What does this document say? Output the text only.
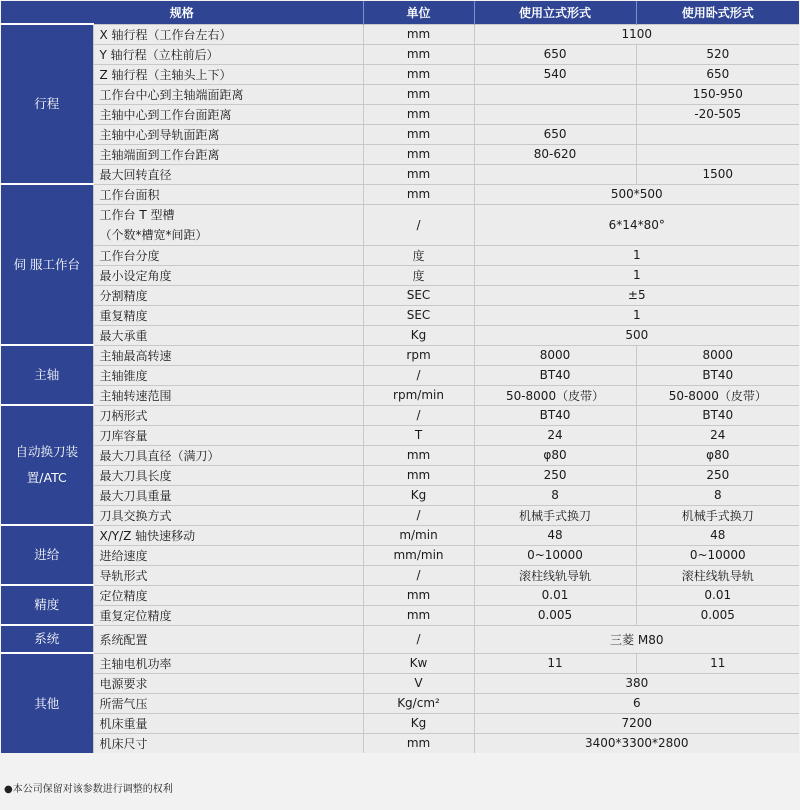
规格		单位	使用立式形式	使用卧式形式
行程	X 轴行程（工作台左右）	mm	1100	
	Y 轴行程（立柱前后）	mm	650	520
	Z 轴行程（主轴头上下）	mm	540	650
	工作台中心到主轴端面距离	mm		150-950
	主轴中心到工作台面距离	mm		-20-505
	主轴中心到导轨面距离	mm	650	
	主轴端面到工作台距离	mm	80-620	
	最大回转直径	mm		1500
伺 服工作台	工作台面积	mm	500*500	
	工作台 T 型槽
（个数*槽宽*间距）	/	6*14*80°	
	工作台分度	度	1	
	最小设定角度	度	1	
	分割精度	SEC	±5	
	重复精度	SEC	1	
	最大承重	Kg	500	
主轴	主轴最高转速	rpm	8000	8000
	主轴锥度	/	BT40	BT40
	主轴转速范围	rpm/min	50-8000（皮带）	50-8000（皮带）
自动换刀装置/ATC	刀柄形式	/	BT40	BT40
	刀库容量	T	24	24
	最大刀具直径（满刀）	mm	φ80	φ80
	最大刀具长度	mm	250	250
	最大刀具重量	Kg	8	8
	刀具交换方式	/	机械手式换刀	机械手式换刀
进给	X/Y/Z 轴快速移动	m/min	48	48
	进给速度	mm/min	0~10000	0~10000
	导轨形式	/	滚柱线轨导轨	滚柱线轨导轨
精度	定位精度	mm	0.01	0.01
	重复定位精度	mm	0.005	0.005
系统	系统配置	/	三菱 M80	
其他	主轴电机功率	Kw	11	11
	电源要求	V	380	
	所需气压	Kg/cm²	6	
	机床重量	Kg	7200	
	机床尺寸	mm	3400*3300*2800	
●本公司保留对该参数进行调整的权利
